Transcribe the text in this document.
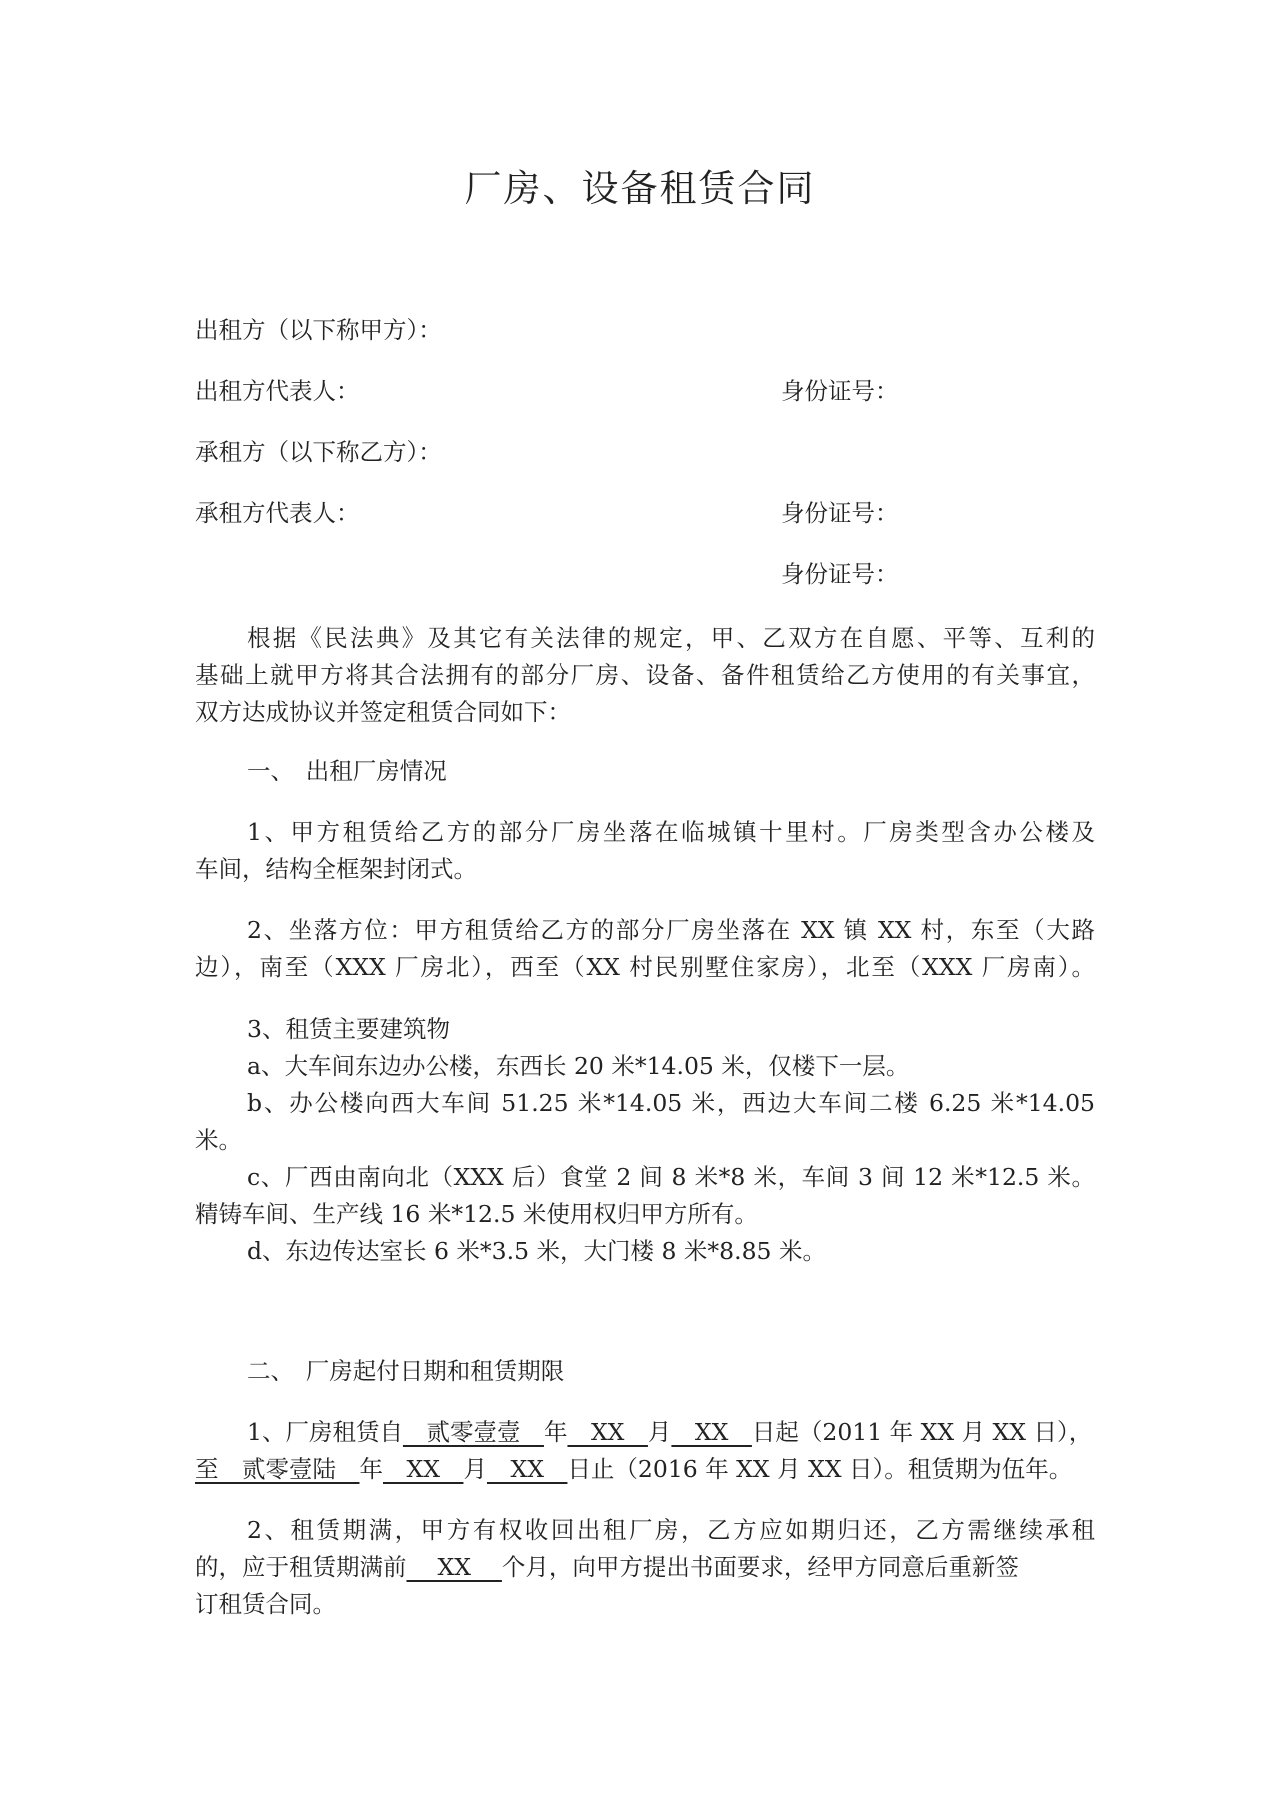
厂房、设备租赁合同
出租方（以下称甲方）：
出租方代表人：	身份证号：
承租方（以下称乙方）：
承租方代表人：	身份证号：
身份证号：
根据《民法典》及其它有关法律的规定，甲、乙双方在自愿、平等、互利的
基础上就甲方将其合法拥有的部分厂房、设备、备件租赁给乙方使用的有关事宜，
双方达成协议并签定租赁合同如下：
一、　出租厂房情况
1、甲方租赁给乙方的部分厂房坐落在临城镇十里村。厂房类型含办公楼及
车间，结构全框架封闭式。
2、坐落方位：甲方租赁给乙方的部分厂房坐落在 XX 镇 XX 村，东至（大路
边），南至（XXX 厂房北），西至（XX 村民别墅住家房），北至（XXX 厂房南）。
3、租赁主要建筑物
a、大车间东边办公楼，东西长 20 米*14.05 米，仅楼下一层。
b、办公楼向西大车间 51.25 米*14.05 米，西边大车间二楼 6.25 米*14.05
米。
c、厂西由南向北（XXX 后）食堂 2 间 8 米*8 米，车间 3 间 12 米*12.5 米。
精铸车间、生产线 16 米*12.5 米使用权归甲方所有。
d、东边传达室长 6 米*3.5 米，大门楼 8 米*8.85 米。
二、　厂房起付日期和租赁期限
1、厂房租赁自　贰零壹壹　年　XX　月　XX　日起（2011 年 XX 月 XX 日），
至　贰零壹陆　年　XX　月　XX　日止（2016 年 XX 月 XX 日）。租赁期为伍年。
2、租赁期满，甲方有权收回出租厂房，乙方应如期归还，乙方需继续承租
的，应于租赁期满前　 XX　 个月，向甲方提出书面要求，经甲方同意后重新签
订租赁合同。
